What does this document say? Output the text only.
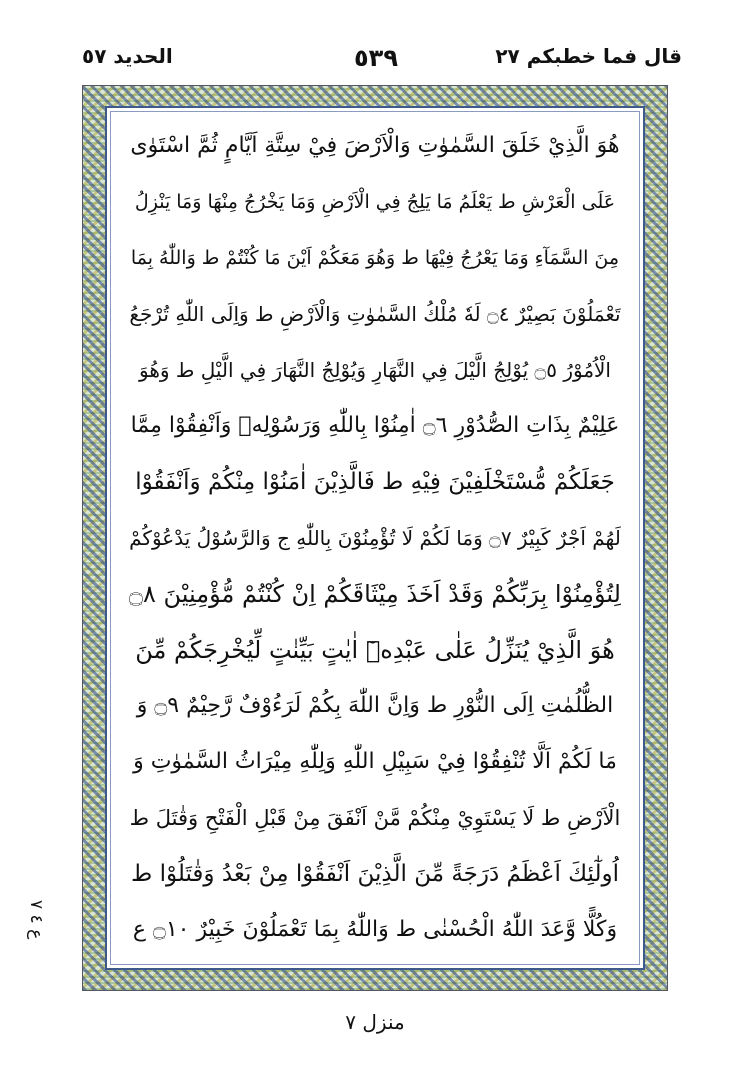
قال فما خطبكم ٢٧
٥٣٩
الحديد ٥٧
هُوَ الَّذِيْ خَلَقَ السَّمٰوٰتِ وَالْاَرْضَ فِيْ سِتَّةِ اَيَّامٍ ثُمَّ اسْتَوٰى
عَلَى الْعَرْشِ ط يَعْلَمُ مَا يَلِجُ فِي الْاَرْضِ وَمَا يَخْرُجُ مِنْهَا وَمَا يَنْزِلُ
مِنَ السَّمَآءِ وَمَا يَعْرُجُ فِيْهَا ط وَهُوَ مَعَكُمْ اَيْنَ مَا كُنْتُمْ ط وَاللّٰهُ بِمَا
تَعْمَلُوْنَ بَصِيْرٌ ۝٤ لَهٗ مُلْكُ السَّمٰوٰتِ وَالْاَرْضِ ط وَاِلَى اللّٰهِ تُرْجَعُ
الْاُمُوْرُ ۝٥ يُوْلِجُ الَّيْلَ فِي النَّهَارِ وَيُوْلِجُ النَّهَارَ فِي الَّيْلِ ط وَهُوَ
عَلِيْمٌ بِذَاتِ الصُّدُوْرِ ۝٦ اٰمِنُوْا بِاللّٰهِ وَرَسُوْلِهٖ وَاَنْفِقُوْا مِمَّا
جَعَلَكُمْ مُّسْتَخْلَفِيْنَ فِيْهِ ط فَالَّذِيْنَ اٰمَنُوْا مِنْكُمْ وَاَنْفَقُوْا
لَهُمْ اَجْرٌ كَبِيْرٌ ۝٧ وَمَا لَكُمْ لَا تُؤْمِنُوْنَ بِاللّٰهِ ج وَالرَّسُوْلُ يَدْعُوْكُمْ
لِتُؤْمِنُوْا بِرَبِّكُمْ وَقَدْ اَخَذَ مِيْثَاقَكُمْ اِنْ كُنْتُمْ مُّؤْمِنِيْنَ ۝٨
هُوَ الَّذِيْ يُنَزِّلُ عَلٰى عَبْدِهٖٓ اٰيٰتٍ بَيِّنٰتٍ لِّيُخْرِجَكُمْ مِّنَ
الظُّلُمٰتِ اِلَى النُّوْرِ ط وَاِنَّ اللّٰهَ بِكُمْ لَرَءُوْفٌ رَّحِيْمٌ ۝٩ وَ
مَا لَكُمْ اَلَّا تُنْفِقُوْا فِيْ سَبِيْلِ اللّٰهِ وَلِلّٰهِ مِيْرَاثُ السَّمٰوٰتِ وَ
الْاَرْضِ ط لَا يَسْتَوِيْ مِنْكُمْ مَّنْ اَنْفَقَ مِنْ قَبْلِ الْفَتْحِ وَقٰتَلَ ط
اُولٰٓئِكَ اَعْظَمُ دَرَجَةً مِّنَ الَّذِيْنَ اَنْفَقُوْا مِنْ بَعْدُ وَقٰتَلُوْا ط
وَكُلًّا وَّعَدَ اللّٰهُ الْحُسْنٰى ط وَاللّٰهُ بِمَا تَعْمَلُوْنَ خَبِيْرٌ ۝١٠ ع
ع ٤ ٧
منزل ٧
